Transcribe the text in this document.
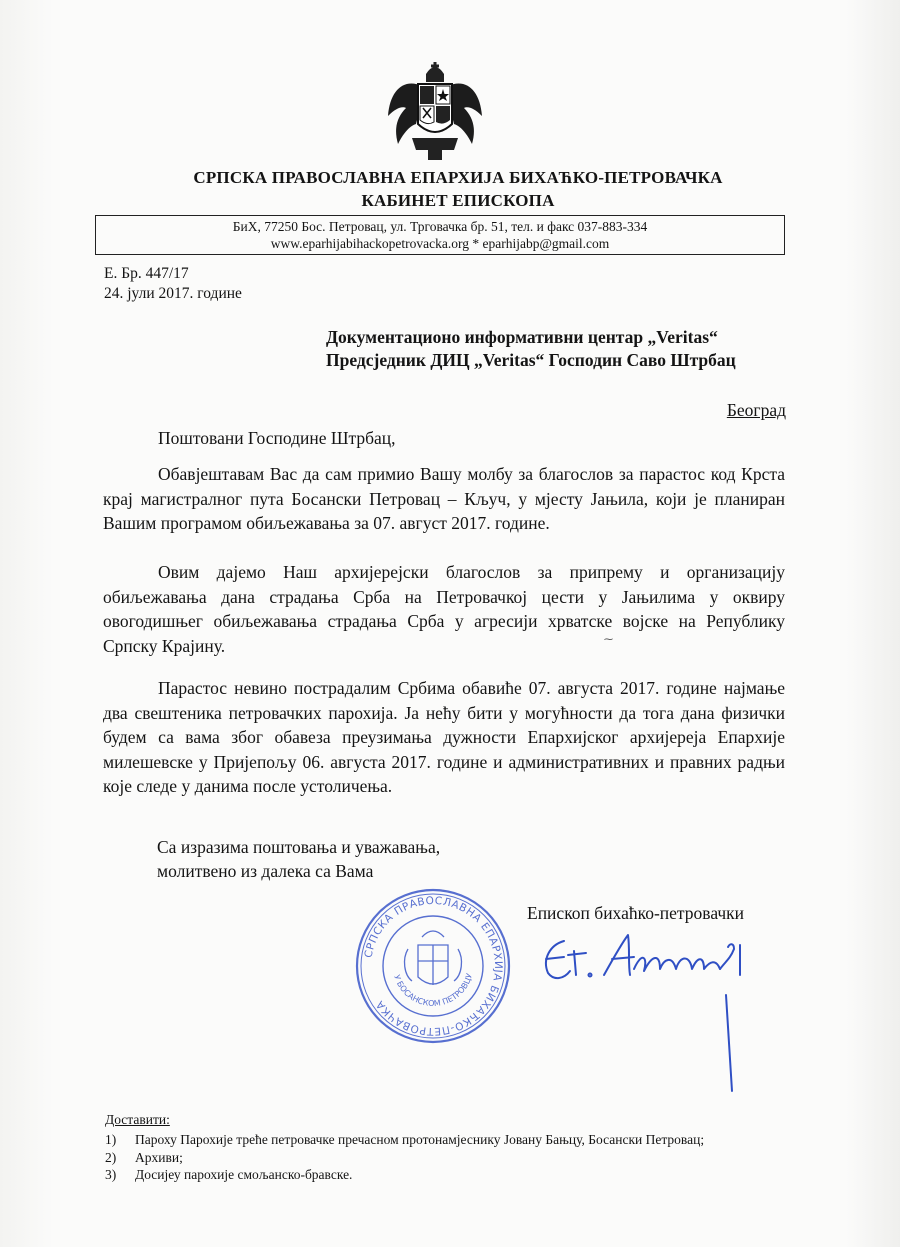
СРПСКА ПРАВОСЛАВНА ЕПАРХИЈА БИХАЋКО-ПЕТРОВАЧКА
КАБИНЕТ ЕПИСКОПА
БиХ, 77250 Бос. Петровац, ул. Трговачка бр. 51, тел. и факс 037-883-334
www.eparhijabihackopetrovacka.org * eparhijabp@gmail.com
Е. Бр. 447/17
24. јули 2017. године
Документационо информативни центар „Veritas“
Предсједник ДИЦ „Veritas“ Господин Саво Штрбац
Београд
Поштовани Господине Штрбац,

Обавјештавам Вас да сам примио Вашу молбу за благослов за парастос код Крста крај магистралног пута Босански Петровац – Кључ, у мјесту Јањила, који је планиран Вашим програмом обиљежавања за 07. август 2017. године.

Овим дајемо Наш архијерејски благослов за припрему и организацију обиљежавања дана страдања Срба на Петровачкој цести у Јањилима у оквиру овогодишњег обиљежавања страдања Срба у агресији хрватске војске на Републику Српску Крајину.

Парастос невино пострадалим Србима обавиће 07. августа 2017. године најмање два свештеника петровачких парохија. Ја нећу бити у могућности да тога дана физички будем са вама због обавеза преузимања дужности Епархијског архијереја Епархије милешевске у Пријепољу 06. августа 2017. године и административних и правних радњи које следе у данима после устоличења.

⁓
Са изразима поштовања и уважавања,
молитвено из далека са Вама
Епископ бихаћко-петровачки
СРПСКА ПРАВОСЛАВНА ЕПАРХИЈА БИХАЋКО-ПЕТРОВАЧКА
У БОСАНСКОМ ПЕТРОВЦУ
Доставити:
1)	Пароху Парохије треће петровачке пречасном протонамјеснику Јовану Бањцу, Босански Петровац;
2)	Архиви;
3)	Досијеу парохије смољанско-бравске.
